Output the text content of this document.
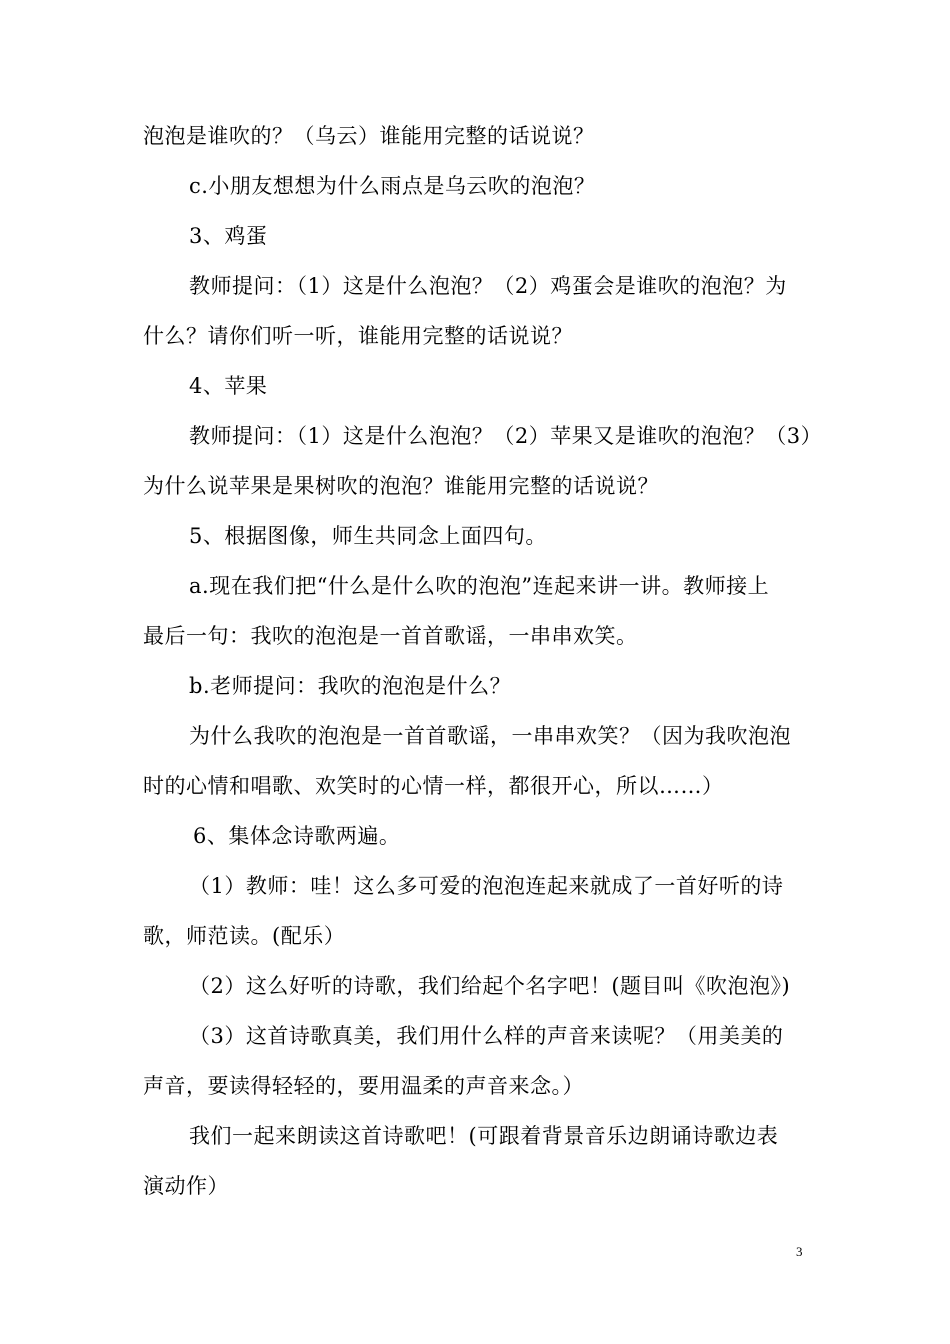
泡泡是谁吹的？（乌云）谁能用完整的话说说？
c.小朋友想想为什么雨点是乌云吹的泡泡？
3、鸡蛋
教师提问：（1）这是什么泡泡？（2）鸡蛋会是谁吹的泡泡？为
什么？请你们听一听，谁能用完整的话说说？
4、苹果
教师提问：（1）这是什么泡泡？（2）苹果又是谁吹的泡泡？（3）
为什么说苹果是果树吹的泡泡？谁能用完整的话说说？
5、根据图像，师生共同念上面四句。
a.现在我们把“什么是什么吹的泡泡”连起来讲一讲。教师接上
最后一句：我吹的泡泡是一首首歌谣，一串串欢笑。
b.老师提问：我吹的泡泡是什么？
为什么我吹的泡泡是一首首歌谣，一串串欢笑？（因为我吹泡泡
时的心情和唱歌、欢笑时的心情一样，都很开心，所以……）
6、集体念诗歌两遍。
（1）教师：哇！这么多可爱的泡泡连起来就成了一首好听的诗
歌，师范读。(配乐）
（2）这么好听的诗歌，我们给起个名字吧！(题目叫《吹泡泡》)
（3）这首诗歌真美，我们用什么样的声音来读呢？（用美美的
声音，要读得轻轻的，要用温柔的声音来念。）
我们一起来朗读这首诗歌吧！(可跟着背景音乐边朗诵诗歌边表
演动作）
3
